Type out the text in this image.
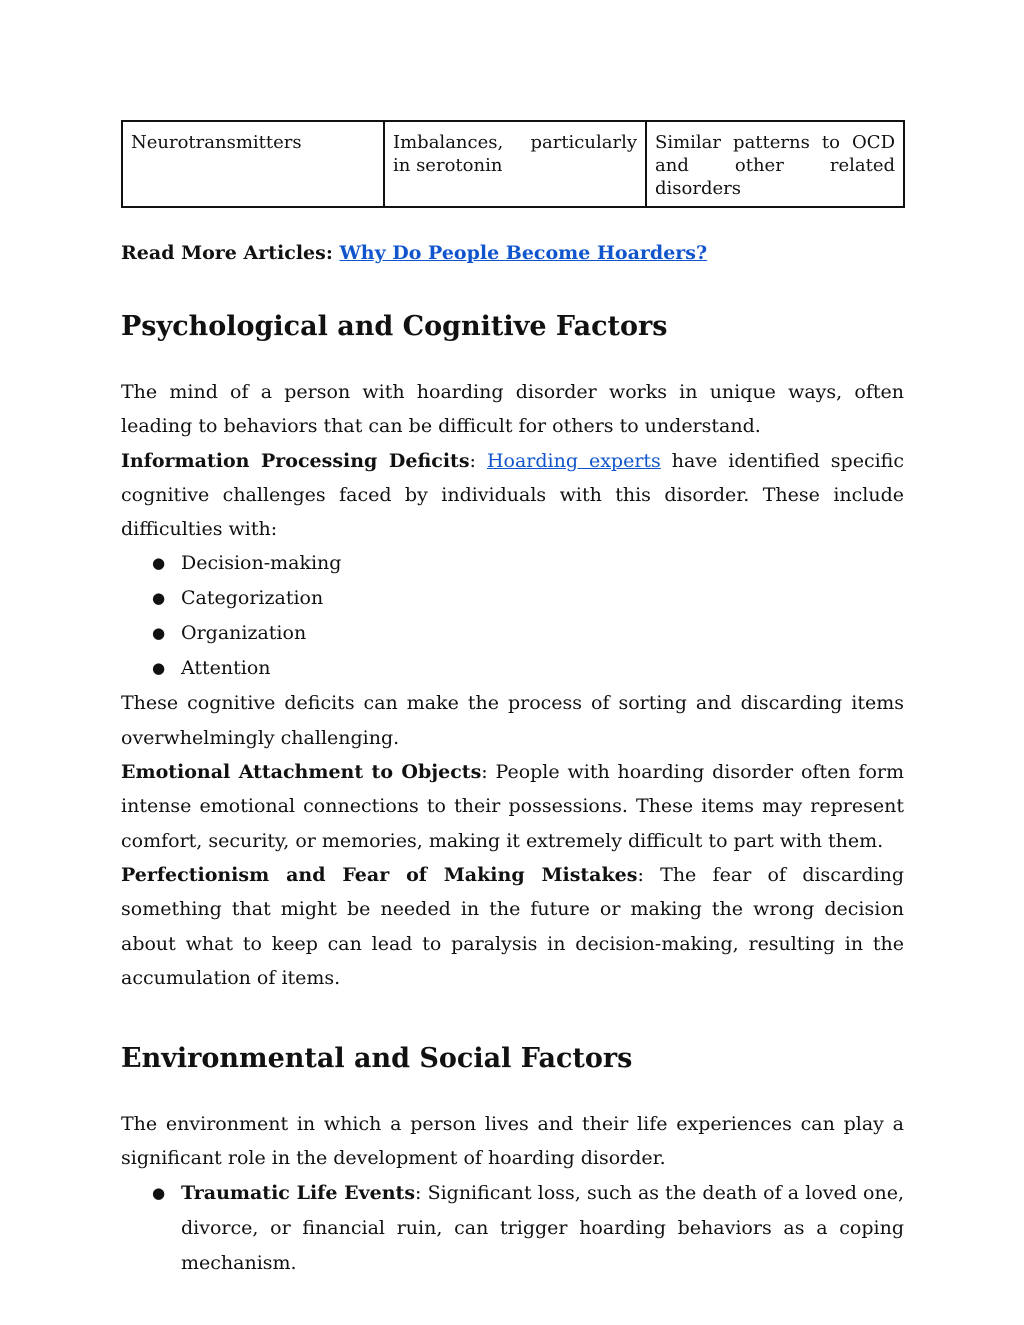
Neurotransmitters	Imbalances, particularly in serotonin	Similar patterns to OCD and other related disorders
Read More Articles: Why Do People Become Hoarders?
Psychological and Cognitive Factors

The mind of a person with hoarding disorder works in unique ways, often leading to behaviors that can be difficult for others to understand.

Information Processing Deficits: Hoarding experts have identified specific cognitive challenges faced by individuals with this disorder. These include difficulties with:

● Decision-making
● Categorization
● Organization
● Attention

These cognitive deficits can make the process of sorting and discarding items overwhelmingly challenging.

Emotional Attachment to Objects: People with hoarding disorder often form intense emotional connections to their possessions. These items may represent comfort, security, or memories, making it extremely difficult to part with them.

Perfectionism and Fear of Making Mistakes: The fear of discarding something that might be needed in the future or making the wrong decision about what to keep can lead to paralysis in decision-making, resulting in the accumulation of items.

Environmental and Social Factors

The environment in which a person lives and their life experiences can play a significant role in the development of hoarding disorder.

● Traumatic Life Events: Significant loss, such as the death of a loved one, divorce, or financial ruin, can trigger hoarding behaviors as a coping mechanism.
